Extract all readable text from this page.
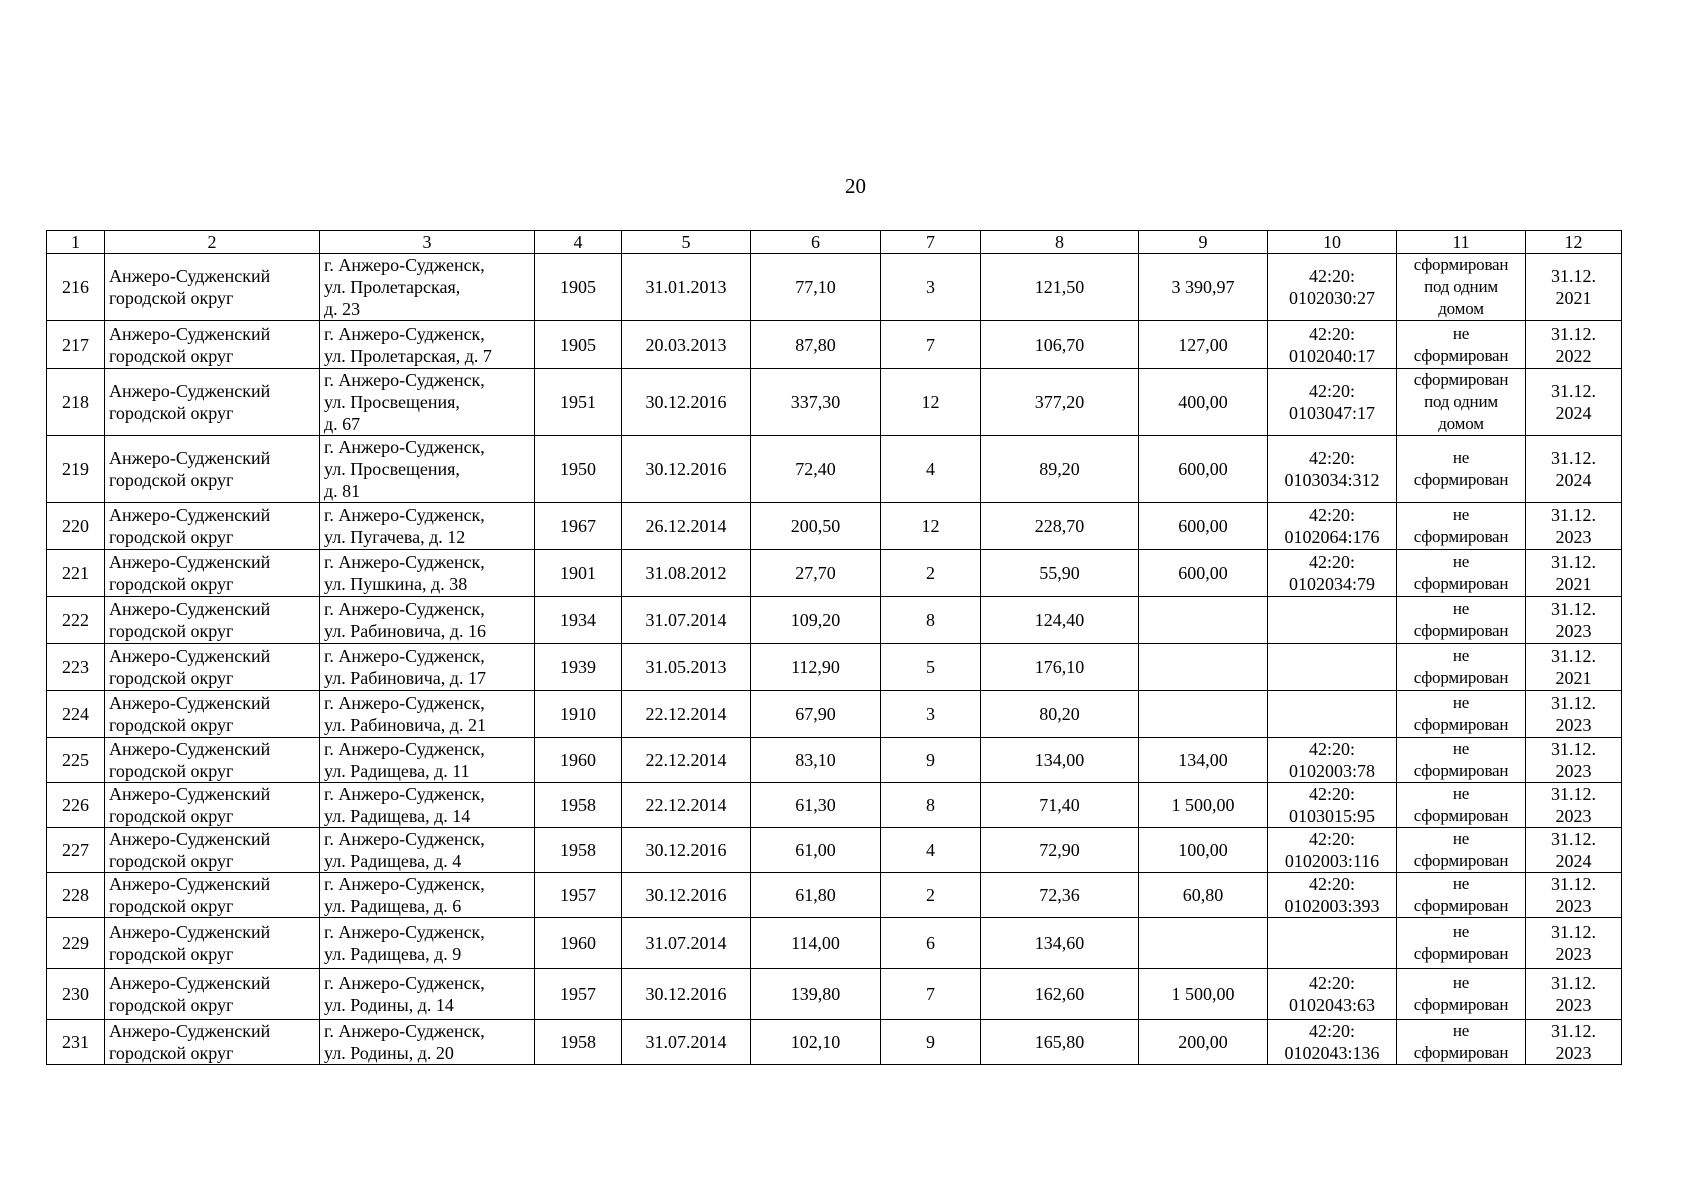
20
1	2	3	4	5	6	7	8	9	10	11	12
216	Анжеро-Судженский
городской округ	г. Анжеро-Судженск,
ул. Пролетарская,
д. 23	1905	31.01.2013	77,10	3	121,50	3 390,97	42:20:
0102030:27	сформирован
под одним
домом	31.12.
2021
217	Анжеро-Судженский
городской округ	г. Анжеро-Судженск,
ул. Пролетарская, д. 7	1905	20.03.2013	87,80	7	106,70	127,00	42:20:
0102040:17	не
сформирован	31.12.
2022
218	Анжеро-Судженский
городской округ	г. Анжеро-Судженск,
ул. Просвещения,
д. 67	1951	30.12.2016	337,30	12	377,20	400,00	42:20:
0103047:17	сформирован
под одним
домом	31.12.
2024
219	Анжеро-Судженский
городской округ	г. Анжеро-Судженск,
ул. Просвещения,
д. 81	1950	30.12.2016	72,40	4	89,20	600,00	42:20:
0103034:312	не
сформирован	31.12.
2024
220	Анжеро-Судженский
городской округ	г. Анжеро-Судженск,
ул. Пугачева, д. 12	1967	26.12.2014	200,50	12	228,70	600,00	42:20:
0102064:176	не
сформирован	31.12.
2023
221	Анжеро-Судженский
городской округ	г. Анжеро-Судженск,
ул. Пушкина, д. 38	1901	31.08.2012	27,70	2	55,90	600,00	42:20:
0102034:79	не
сформирован	31.12.
2021
222	Анжеро-Судженский
городской округ	г. Анжеро-Судженск,
ул. Рабиновича, д. 16	1934	31.07.2014	109,20	8	124,40			не
сформирован	31.12.
2023
223	Анжеро-Судженский
городской округ	г. Анжеро-Судженск,
ул. Рабиновича, д. 17	1939	31.05.2013	112,90	5	176,10			не
сформирован	31.12.
2021
224	Анжеро-Судженский
городской округ	г. Анжеро-Судженск,
ул. Рабиновича, д. 21	1910	22.12.2014	67,90	3	80,20			не
сформирован	31.12.
2023
225	Анжеро-Судженский
городской округ	г. Анжеро-Судженск,
ул. Радищева, д. 11	1960	22.12.2014	83,10	9	134,00	134,00	42:20:
0102003:78	не
сформирован	31.12.
2023
226	Анжеро-Судженский
городской округ	г. Анжеро-Судженск,
ул. Радищева, д. 14	1958	22.12.2014	61,30	8	71,40	1 500,00	42:20:
0103015:95	не
сформирован	31.12.
2023
227	Анжеро-Судженский
городской округ	г. Анжеро-Судженск,
ул. Радищева, д. 4	1958	30.12.2016	61,00	4	72,90	100,00	42:20:
0102003:116	не
сформирован	31.12.
2024
228	Анжеро-Судженский
городской округ	г. Анжеро-Судженск,
ул. Радищева, д. 6	1957	30.12.2016	61,80	2	72,36	60,80	42:20:
0102003:393	не
сформирован	31.12.
2023
229	Анжеро-Судженский
городской округ	г. Анжеро-Судженск,
ул. Радищева, д. 9	1960	31.07.2014	114,00	6	134,60			не
сформирован	31.12.
2023
230	Анжеро-Судженский
городской округ	г. Анжеро-Судженск,
ул. Родины, д. 14	1957	30.12.2016	139,80	7	162,60	1 500,00	42:20:
0102043:63	не
сформирован	31.12.
2023
231	Анжеро-Судженский
городской округ	г. Анжеро-Судженск,
ул. Родины, д. 20	1958	31.07.2014	102,10	9	165,80	200,00	42:20:
0102043:136	не
сформирован	31.12.
2023
